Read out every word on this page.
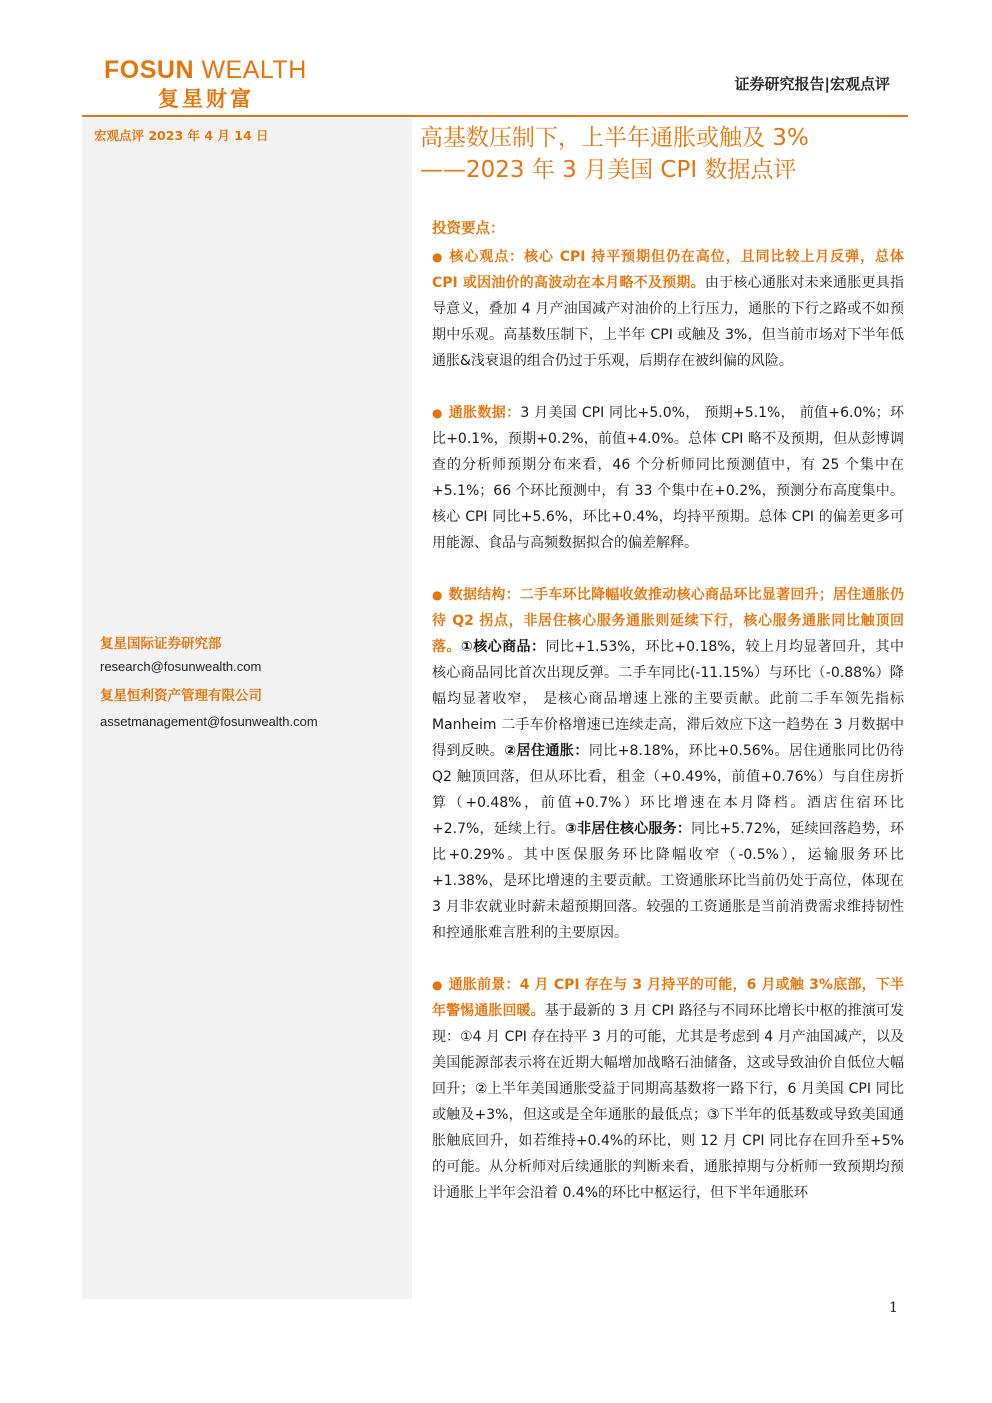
FOSUN WEALTH
复星财富
证券研究报告|宏观点评
宏观点评 2023 年 4 月 14 日
复星国际证券研究部
research@fosunwealth.com
复星恒利资产管理有限公司
assetmanagement@fosunwealth.com
高基数压制下，上半年通胀或触及 3%
——2023 年 3 月美国 CPI 数据点评
投资要点：

● 核心观点：核心 CPI 持平预期但仍在高位，且同比较上月反弹，总体 CPI 或因油价的高波动在本月略不及预期。由于核心通胀对未来通胀更具指导意义，叠加 4 月产油国减产对油价的上行压力，通胀的下行之路或不如预期中乐观。高基数压制下，上半年 CPI 或触及 3%，但当前市场对下半年低通胀&浅衰退的组合仍过于乐观，后期存在被纠偏的风险。

● 通胀数据：3 月美国 CPI 同比+5.0%， 预期+5.1%， 前值+6.0%；环比+0.1%，预期+0.2%，前值+4.0%。总体 CPI 略不及预期，但从彭博调查的分析师预期分布来看，46 个分析师同比预测值中，有 25 个集中在+5.1%；66 个环比预测中，有 33 个集中在+0.2%，预测分布高度集中。核心 CPI 同比+5.6%，环比+0.4%，均持平预期。总体 CPI 的偏差更多可用能源、食品与高频数据拟合的偏差解释。

● 数据结构：二手车环比降幅收敛推动核心商品环比显著回升；居住通胀仍待 Q2 拐点，非居住核心服务通胀则延续下行，核心服务通胀同比触顶回落。①核心商品：同比+1.53%，环比+0.18%，较上月均显著回升，其中核心商品同比首次出现反弹。二手车同比(-11.15%）与环比（-0.88%）降幅均显著收窄， 是核心商品增速上涨的主要贡献。此前二手车领先指标 Manheim 二手车价格增速已连续走高，滞后效应下这一趋势在 3 月数据中得到反映。②居住通胀：同比+8.18%，环比+0.56%。居住通胀同比仍待 Q2 触顶回落，但从环比看，租金（+0.49%，前值+0.76%）与自住房折算（+0.48%，前值+0.7%）环比增速在本月降档。酒店住宿环比+2.7%，延续上行。③非居住核心服务：同比+5.72%，延续回落趋势，环比+0.29%。其中医保服务环比降幅收窄（-0.5%），运输服务环比+1.38%，是环比增速的主要贡献。工资通胀环比当前仍处于高位，体现在 3 月非农就业时薪未超预期回落。较强的工资通胀是当前消费需求维持韧性和控通胀难言胜利的主要原因。

● 通胀前景：4 月 CPI 存在与 3 月持平的可能，6 月或触 3%底部，下半年警惕通胀回暖。基于最新的 3 月 CPI 路径与不同环比增长中枢的推演可发现：①4 月 CPI 存在持平 3 月的可能，尤其是考虑到 4 月产油国减产，以及美国能源部表示将在近期大幅增加战略石油储备，这或导致油价自低位大幅回升；②上半年美国通胀受益于同期高基数将一路下行，6 月美国 CPI 同比或触及+3%，但这或是全年通胀的最低点；③下半年的低基数或导致美国通胀触底回升，如若维持+0.4%的环比，则 12 月 CPI 同比存在回升至+5%的可能。从分析师对后续通胀的判断来看，通胀掉期与分析师一致预期均预计通胀上半年会沿着 0.4%的环比中枢运行，但下半年通胀环

1
